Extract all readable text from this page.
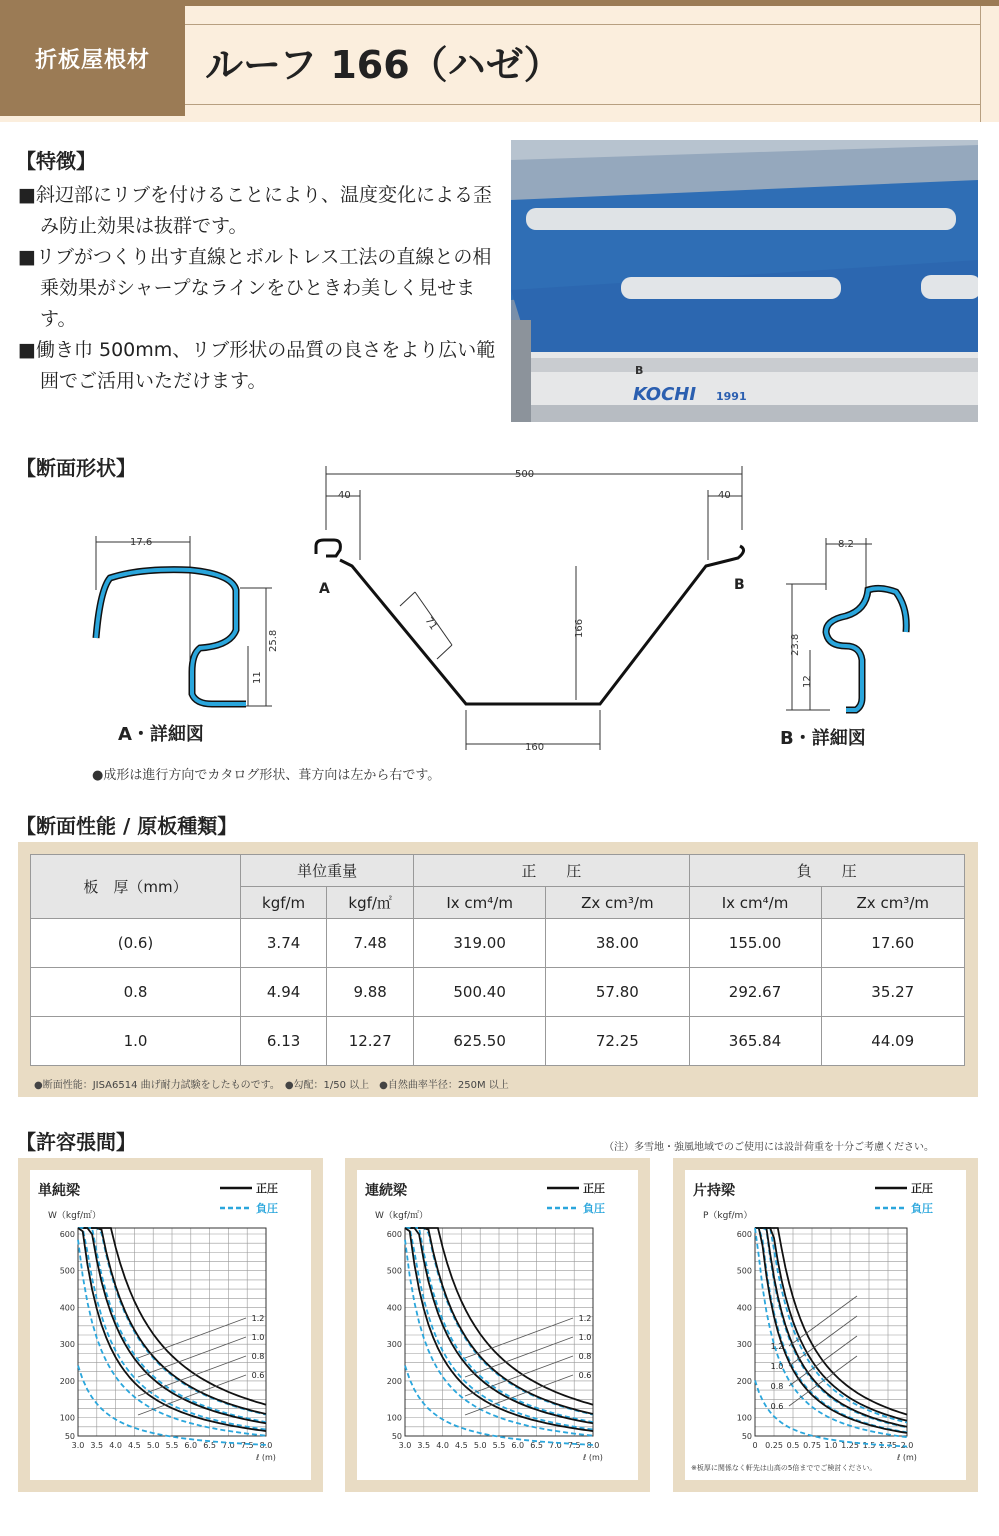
折板屋根材	ルーフ 166（ハゼ）
【特徴】
■斜辺部にリブを付けることにより、温度変化による歪み防止効果は抜群です。
■リブがつくり出す直線とボルトレス工法の直線との相乗効果がシャープなラインをひときわ美しく見せます。
■働き巾 500mm、リブ形状の品質の良さをより広い範囲でご活用いただけます。
KOCHI 1991
B
【断面形状】	500
40	40
71	166
160
A	B
17.6
25.8
11
A・詳細図
8.2
23.8
12
B・詳細図
●成形は進行方向でカタログ形状、葺方向は左から右です。
【断面性能 / 原板種類】
板　厚（mm）	単位重量		正　　圧		負　　圧	
	kgf/m	kgf/㎡	Ix cm⁴/m	Zx cm³/m	Ix cm⁴/m	Zx cm³/m
(0.6)	3.74	7.48	319.00	38.00	155.00	17.60
0.8	4.94	9.88	500.40	57.80	292.67	35.27
1.0	6.13	12.27	625.50	72.25	365.84	44.09
●断面性能：JISA6514 曲げ耐力試験をしたものです。　●勾配：1/50 以上　●自然曲率半径：250M 以上
【許容張間】	（注）多雪地・強風地域でのご使用には設計荷重を十分ご考慮ください。
単純梁
3.0 3.5 4.0 4.5 5.0 5.5 6.0 6.5 7.0 7.5 8.0
600
500
400
300
200
100
50
W（kgf/㎡）
ℓ (m)
正圧
負圧
1.2
1.0
0.8
0.6
連続梁
3.0 3.5 4.0 4.5 5.0 5.5 6.0 6.5 7.0 7.5 8.0
600
500
400
300
200
100
50
W（kgf/㎡）
ℓ (m)
正圧
負圧
1.2
1.0
0.8
0.6
片持梁
0 0.25 0.5 0.75 1.0 1.25 1.5 1.75 2.0
600
500
400
300
200
100
50
P（kgf/m）
ℓ (m)
正圧
負圧
1.2
1.0
0.8
0.6
※板厚に関係なく軒先は山高の5倍まででご検討ください。
